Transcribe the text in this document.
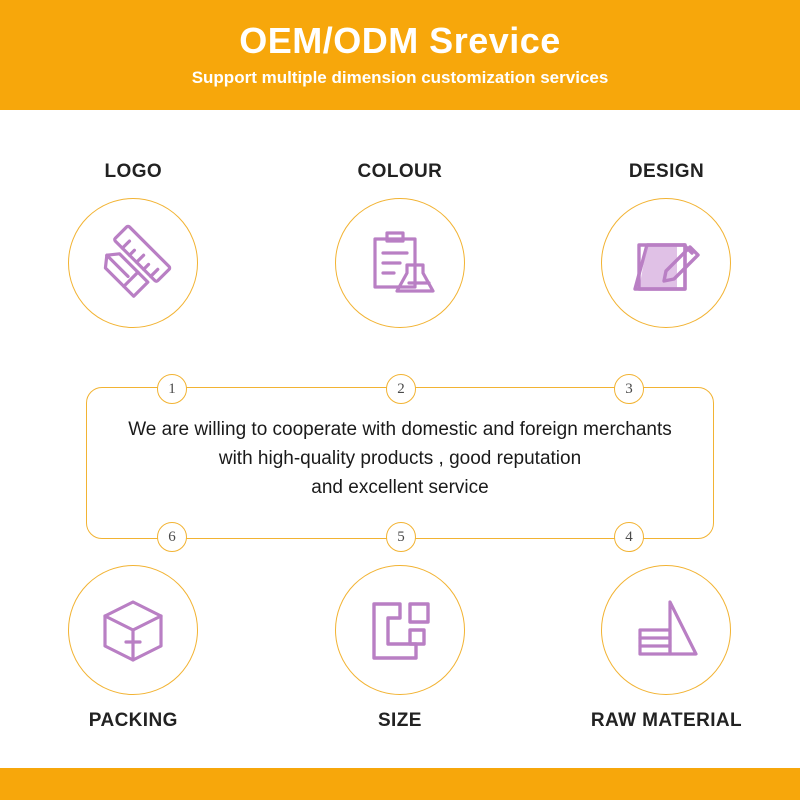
OEM/ODM Srevice
Support multiple dimension customization services
LOGO	COLOUR	DESIGN
We are willing to cooperate with domestic and foreign merchants
with high-quality products , good reputation
and excellent service
1	2	3
6	5	4
PACKING	SIZE	RAW MATERIAL
